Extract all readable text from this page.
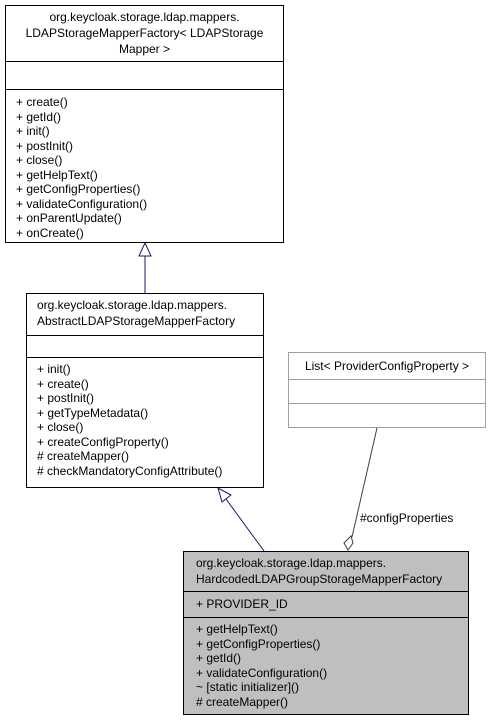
org.keycloak.storage.ldap.mappers.
LDAPStorageMapperFactory< LDAPStorage
Mapper >
+ create()
+ getId()
+ init()
+ postInit()
+ close()
+ getHelpText()
+ getConfigProperties()
+ validateConfiguration()
+ onParentUpdate()
+ onCreate()
org.keycloak.storage.ldap.mappers.
AbstractLDAPStorageMapperFactory
+ init()
+ create()
+ postInit()
+ getTypeMetadata()
+ close()
+ createConfigProperty()
# createMapper()
# checkMandatoryConfigAttribute()
List< ProviderConfigProperty >
org.keycloak.storage.ldap.mappers.
HardcodedLDAPGroupStorageMapperFactory
+ PROVIDER_ID
+ getHelpText()
+ getConfigProperties()
+ getId()
+ validateConfiguration()
~ [static initializer]()
# createMapper()
#configProperties
